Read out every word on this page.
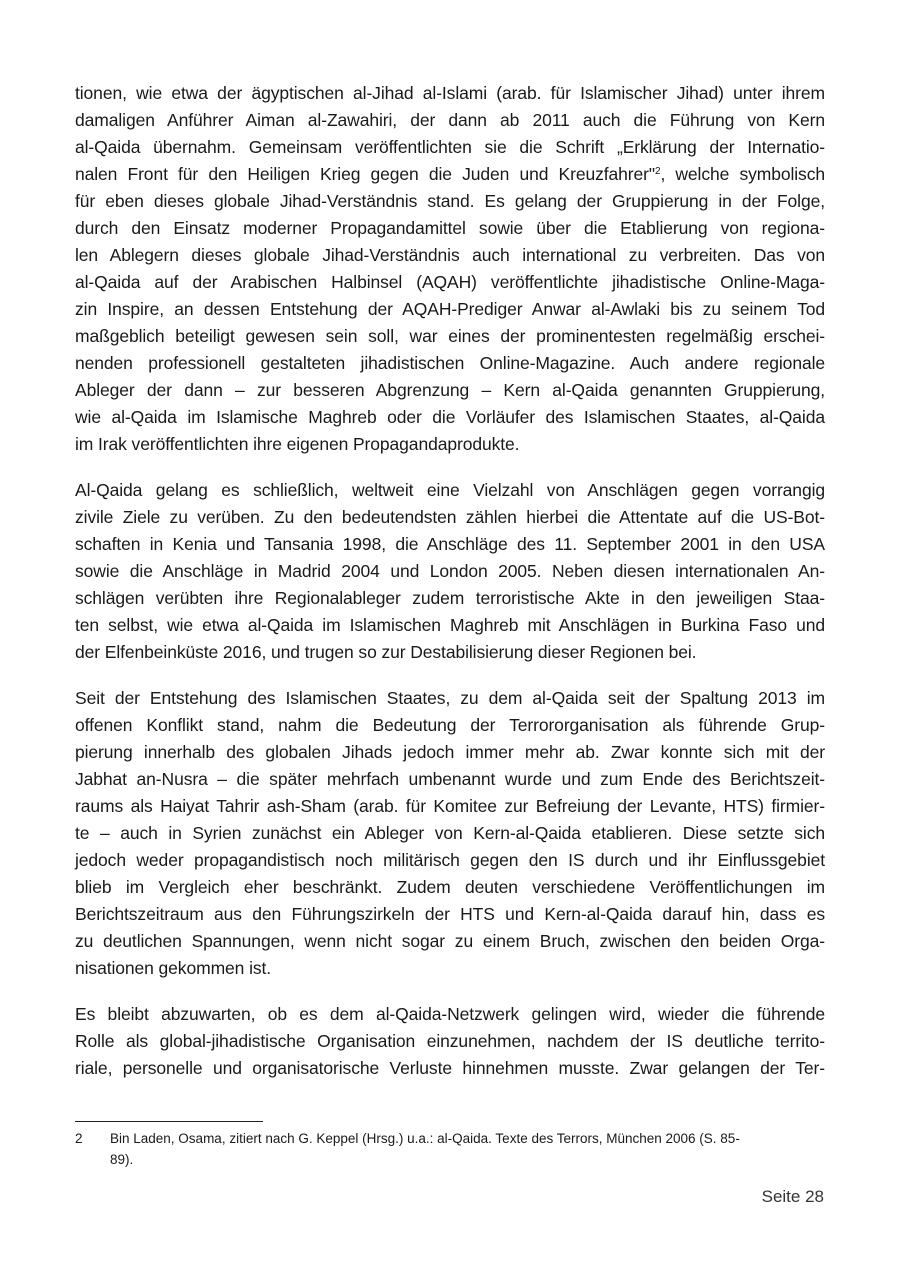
tionen, wie etwa der ägyptischen al-Jihad al-Islami (arab. für Islamischer Jihad) unter ihrem
damaligen Anführer Aiman al-Zawahiri, der dann ab 2011 auch die Führung von Kern
al-Qaida übernahm. Gemeinsam veröffentlichten sie die Schrift „Erklärung der Internatio-
nalen Front für den Heiligen Krieg gegen die Juden und Kreuzfahrer"$^2$, welche symbolisch
für eben dieses globale Jihad-Verständnis stand. Es gelang der Gruppierung in der Folge,
durch den Einsatz moderner Propagandamittel sowie über die Etablierung von regiona-
len Ablegern dieses globale Jihad-Verständnis auch international zu verbreiten. Das von
al-Qaida auf der Arabischen Halbinsel (AQAH) veröffentlichte jihadistische Online-Maga-
zin Inspire, an dessen Entstehung der AQAH-Prediger Anwar al-Awlaki bis zu seinem Tod
maßgeblich beteiligt gewesen sein soll, war eines der prominentesten regelmäßig erschei-
nenden professionell gestalteten jihadistischen Online-Magazine. Auch andere regionale
Ableger der dann – zur besseren Abgrenzung – Kern al-Qaida genannten Gruppierung,
wie al-Qaida im Islamische Maghreb oder die Vorläufer des Islamischen Staates, al-Qaida
im Irak veröffentlichten ihre eigenen Propagandaprodukte.
Al-Qaida gelang es schließlich, weltweit eine Vielzahl von Anschlägen gegen vorrangig
zivile Ziele zu verüben. Zu den bedeutendsten zählen hierbei die Attentate auf die US-Bot-
schaften in Kenia und Tansania 1998, die Anschläge des 11. September 2001 in den USA
sowie die Anschläge in Madrid 2004 und London 2005. Neben diesen internationalen An-
schlägen verübten ihre Regionalableger zudem terroristische Akte in den jeweiligen Staa-
ten selbst, wie etwa al-Qaida im Islamischen Maghreb mit Anschlägen in Burkina Faso und
der Elfenbeinküste 2016, und trugen so zur Destabilisierung dieser Regionen bei.
Seit der Entstehung des Islamischen Staates, zu dem al-Qaida seit der Spaltung 2013 im
offenen Konflikt stand, nahm die Bedeutung der Terrororganisation als führende Grup-
pierung innerhalb des globalen Jihads jedoch immer mehr ab. Zwar konnte sich mit der
Jabhat an-Nusra – die später mehrfach umbenannt wurde und zum Ende des Berichtszeit-
raums als Haiyat Tahrir ash-Sham (arab. für Komitee zur Befreiung der Levante, HTS) firmier-
te – auch in Syrien zunächst ein Ableger von Kern-al-Qaida etablieren. Diese setzte sich
jedoch weder propagandistisch noch militärisch gegen den IS durch und ihr Einflussgebiet
blieb im Vergleich eher beschränkt. Zudem deuten verschiedene Veröffentlichungen im
Berichtszeitraum aus den Führungszirkeln der HTS und Kern-al-Qaida darauf hin, dass es
zu deutlichen Spannungen, wenn nicht sogar zu einem Bruch, zwischen den beiden Orga-
nisationen gekommen ist.
Es bleibt abzuwarten, ob es dem al-Qaida-Netzwerk gelingen wird, wieder die führende
Rolle als global-jihadistische Organisation einzunehmen, nachdem der IS deutliche territo-
riale, personelle und organisatorische Verluste hinnehmen musste. Zwar gelangen der Ter-
2	Bin Laden, Osama, zitiert nach G. Keppel (Hrsg.) u.a.: al-Qaida. Texte des Terrors, München 2006 (S. 85-
89).
Seite 28
